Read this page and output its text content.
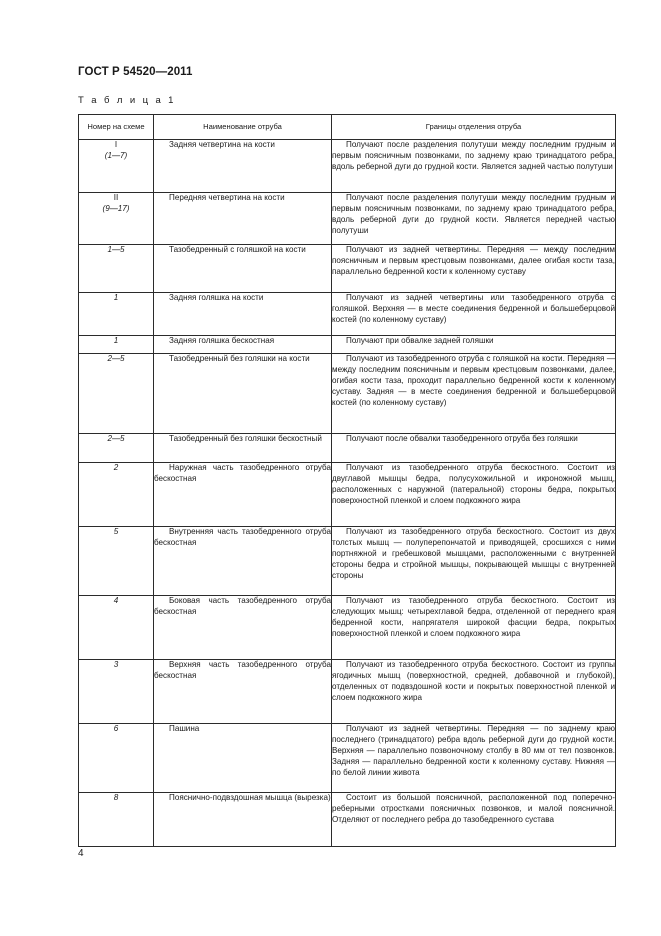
ГОСТ Р 54520—2011
Т а б л и ц а 1
Номер на схеме	Наименование отруба	Границы отделения отруба

I
(1—7)	Задняя четвертина на кости	Получают после разделения полутуши между последним грудным и первым поясничным позвонками, по заднему краю тринадцатого ребра, вдоль реберной дуги до грудной кости. Является задней частью полутуши

II
(9—17)	Передняя четвертина на кости	Получают после разделения полутуши между последним грудным и первым поясничным позвонками, по заднему краю тринадцатого ребра, вдоль реберной дуги до грудной кости. Является передней частью полутуши

1—5	Тазобедренный с голяшкой на кости	Получают из задней четвертины. Передняя — между последним поясничным и первым крестцовым позвонками, далее огибая кости таза, параллельно бедренной кости к коленному суставу

1	Задняя голяшка на кости	Получают из задней четвертины или тазобедренного отруба с голяшкой. Верхняя — в месте соединения бедренной и большеберцовой костей (по коленному суставу)

1	Задняя голяшка бескостная	Получают при обвалке задней голяшки

2—5	Тазобедренный без голяшки на кости	Получают из тазобедренного отруба с голяшкой на кости. Передняя — между последним поясничным и первым крестцовым позвонками, далее, огибая кости таза, проходит параллельно бедренной кости к коленному суставу. Задняя — в месте соединения бедренной и большеберцовой костей (по коленному суставу)

2—5	Тазобедренный без голяшки бескостный	Получают после обвалки тазобедренного отруба без голяшки

2	Наружная часть тазобедренного отруба бескостная	Получают из тазобедренного отруба бескостного. Состоит из двуглавой мышцы бедра, полусухожильной и икроножной мышц, расположенных с наружной (патеральной) стороны бедра, покрытых поверхностной пленкой и слоем подкожного жира

5	Внутренняя часть тазобедренного отруба бескостная	Получают из тазобедренного отруба бескостного. Состоит из двух толстых мышц — полуперепончатой и приводящей, сросшихся с ними портняжной и гребешковой мышцами, расположенными с внутренней стороны бедра и стройной мышцы, покрывающей мышцы с внутренней стороны

4	Боковая часть тазобедренного отруба бескостная	Получают из тазобедренного отруба бескостного. Состоит из следующих мышц: четырехглавой бедра, отделенной от переднего края бедренной кости, напрягателя широкой фасции бедра, покрытых поверхностной пленкой и слоем подкожного жира

3	Верхняя часть тазобедренного отруба бескостная	Получают из тазобедренного отруба бескостного. Состоит из группы ягодичных мышц (поверхностной, средней, добавочной и глубокой), отделенных от подвздошной кости и покрытых поверхностной пленкой и слоем подкожного жира

6	Пашина	Получают из задней четвертины. Передняя — по заднему краю последнего (тринадцатого) ребра вдоль реберной дуги до грудной кости. Верхняя — параллельно позвоночному столбу в 80 мм от тел позвонков. Задняя — параллельно бедренной кости к коленному суставу. Нижняя — по белой линии живота

8	Пояснично-подвздошная мышца (вырезка)	Состоит из большой поясничной, расположенной под поперечно-реберными отростками поясничных позвонков, и малой поясничной. Отделяют от последнего ребра до тазобедренного сустава
4
